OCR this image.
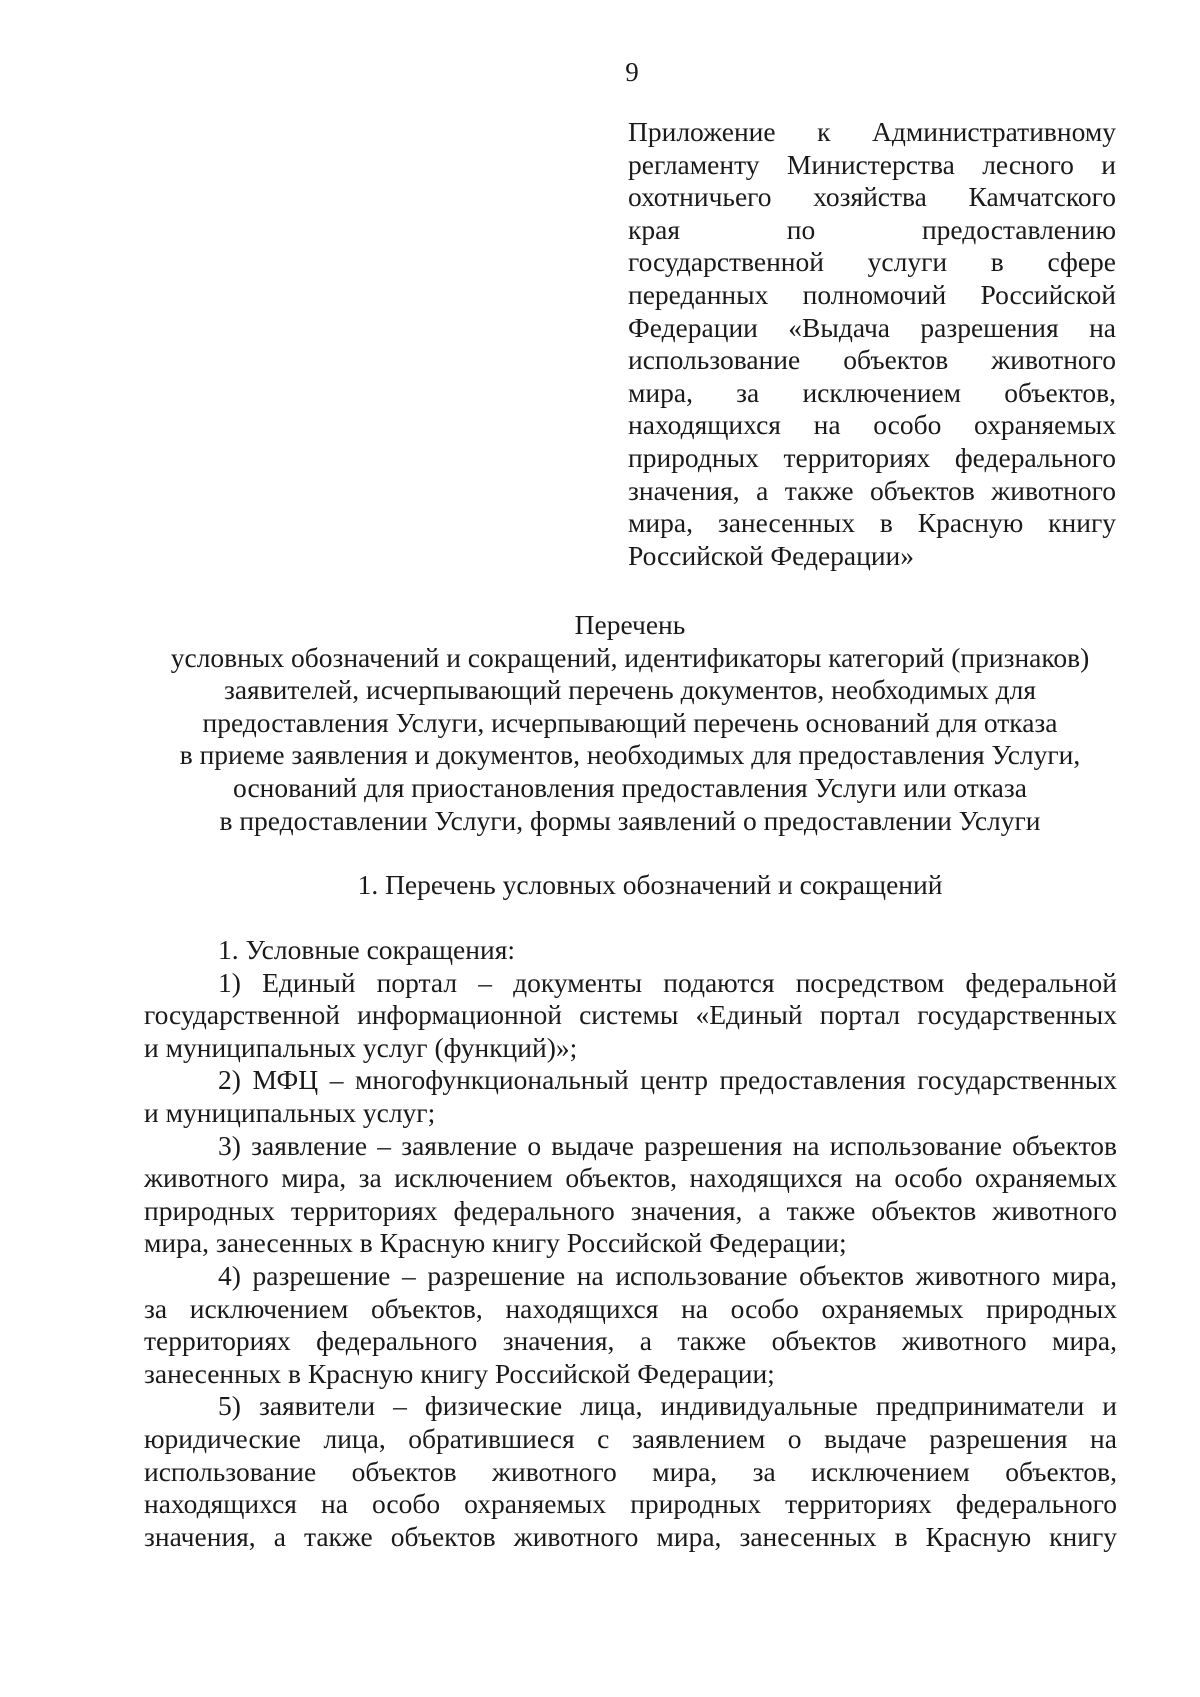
9
Приложение к Административному
регламенту Министерства лесного и
охотничьего хозяйства Камчатского
края по предоставлению
государственной услуги в сфере
переданных полномочий Российской
Федерации «Выдача разрешения на
использование объектов животного
мира, за исключением объектов,
находящихся на особо охраняемых
природных территориях федерального
значения, а также объектов животного
мира, занесенных в Красную книгу
Российской Федерации»
Перечень
условных обозначений и сокращений, идентификаторы категорий (признаков)
заявителей, исчерпывающий перечень документов, необходимых для
предоставления Услуги, исчерпывающий перечень оснований для отказа
в приеме заявления и документов, необходимых для предоставления Услуги,
оснований для приостановления предоставления Услуги или отказа
в предоставлении Услуги, формы заявлений о предоставлении Услуги
1. Перечень условных обозначений и сокращений
1. Условные сокращения:
1) Единый портал – документы подаются посредством федеральной
государственной информационной системы «Единый портал государственных
и муниципальных услуг (функций)»;
2) МФЦ – многофункциональный центр предоставления государственных
и муниципальных услуг;
3) заявление – заявление о выдаче разрешения на использование объектов
животного мира, за исключением объектов, находящихся на особо охраняемых
природных территориях федерального значения, а также объектов животного
мира, занесенных в Красную книгу Российской Федерации;
4) разрешение – разрешение на использование объектов животного мира,
за исключением объектов, находящихся на особо охраняемых природных
территориях федерального значения, а также объектов животного мира,
занесенных в Красную книгу Российской Федерации;
5) заявители – физические лица, индивидуальные предприниматели и
юридические лица, обратившиеся с заявлением о выдаче разрешения на
использование объектов животного мира, за исключением объектов,
находящихся на особо охраняемых природных территориях федерального
значения, а также объектов животного мира, занесенных в Красную книгу
